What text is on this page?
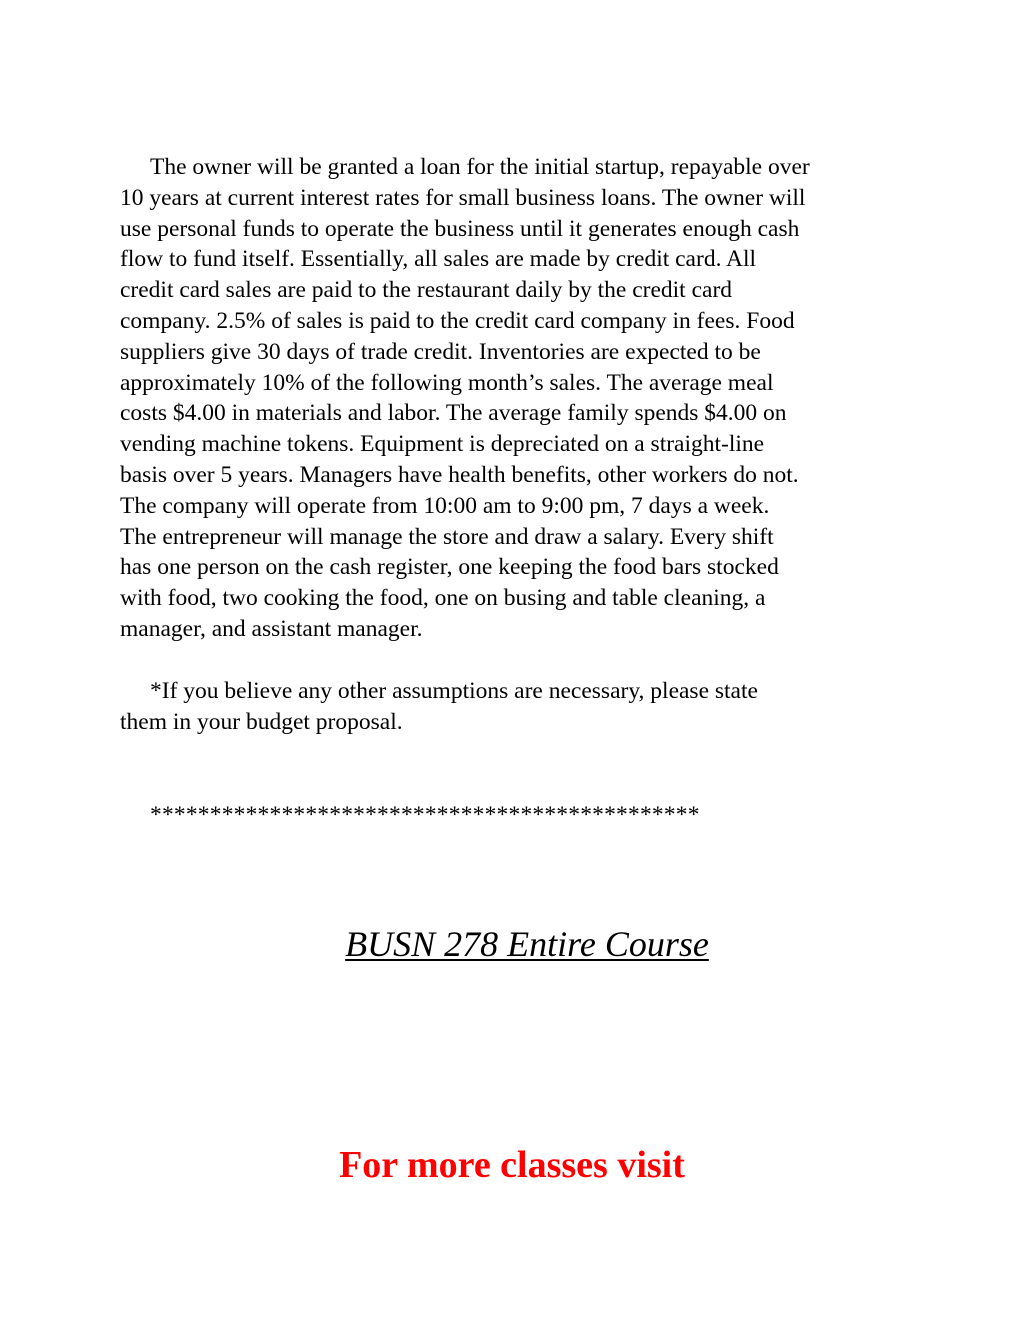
The owner will be granted a loan for the initial startup, repayable over
10 years at current interest rates for small business loans. The owner will
use personal funds to operate the business until it generates enough cash
flow to fund itself. Essentially, all sales are made by credit card. All
credit card sales are paid to the restaurant daily by the credit card
company. 2.5% of sales is paid to the credit card company in fees. Food
suppliers give 30 days of trade credit. Inventories are expected to be
approximately 10% of the following month’s sales. The average meal
costs $4.00 in materials and labor. The average family spends $4.00 on
vending machine tokens. Equipment is depreciated on a straight-line
basis over 5 years. Managers have health benefits, other workers do not.
The company will operate from 10:00 am to 9:00 pm, 7 days a week.
The entrepreneur will manage the store and draw a salary. Every shift
has one person on the cash register, one keeping the food bars stocked
with food, two cooking the food, one on busing and table cleaning, a
manager, and assistant manager.
*If you believe any other assumptions are necessary, please state
them in your budget proposal.
**********************************************
BUSN 278 Entire Course
For more classes visit
